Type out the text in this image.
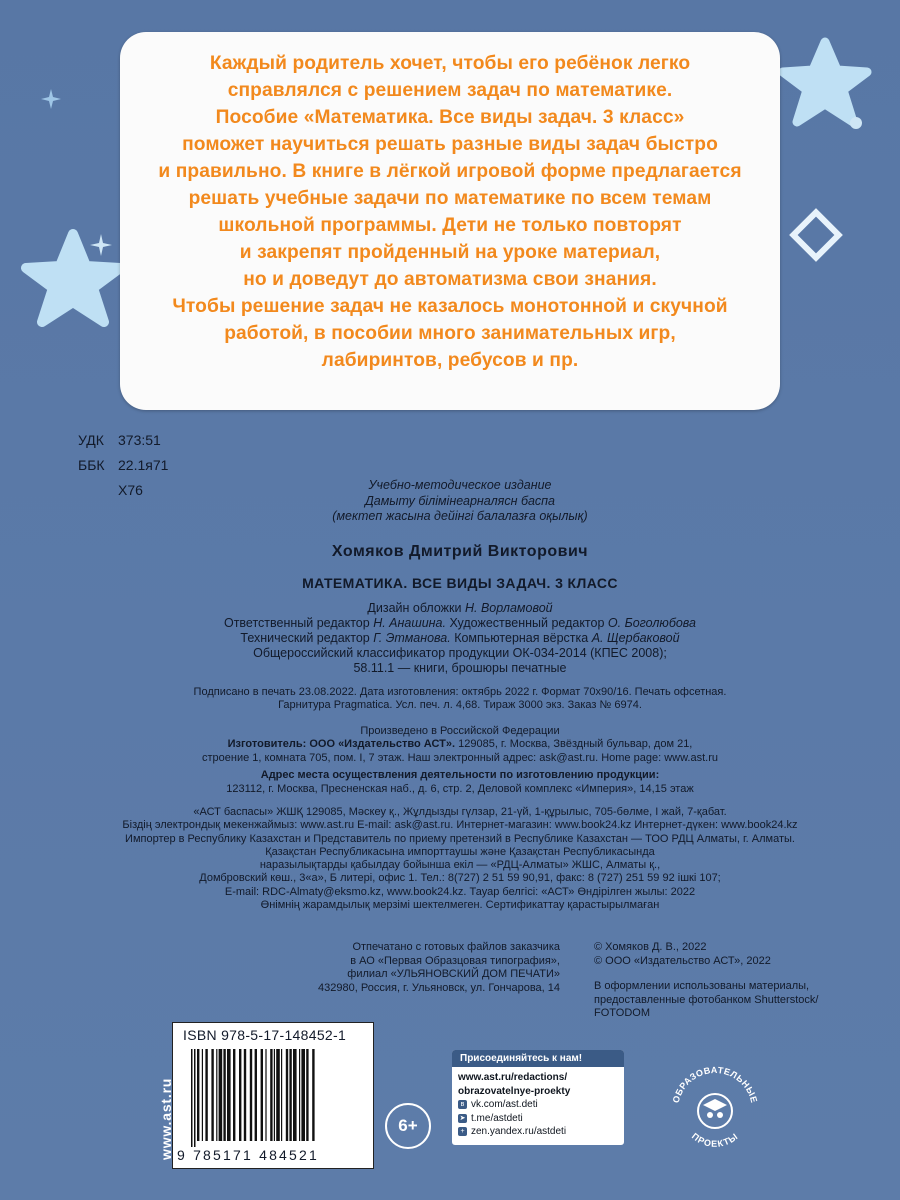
Каждый родитель хочет, чтобы его ребёнок легко
справлялся с решением задач по математике.
Пособие «Математика. Все виды задач. 3 класс»
поможет научиться решать разные виды задач быстро
и правильно. В книге в лёгкой игровой форме предлагается
решать учебные задачи по математике по всем темам
школьной программы. Дети не только повторят
и закрепят пройденный на уроке материал,
но и доведут до автоматизма свои знания.
Чтобы решение задач не казалось монотонной и скучной
работой, в пособии много занимательных игр,
лабиринтов, ребусов и пр.
УДК	373:51
ББК 22.1я71
Х76	Учебно-методическое издание
Дамыту білімінеарналясн баспа
(мектеп жасына дейінгі балалазға оқылық)
Хомяков Дмитрий Викторович
МАТЕМАТИКА. ВСЕ ВИДЫ ЗАДАЧ. 3 КЛАСС
Дизайн обложки Н. Ворламовой
Ответственный редактор Н. Анашина. Художественный редактор О. Боголюбова
Технический редактор Г. Этманова. Компьютерная вёрстка А. Щербаковой
Общероссийский классификатор продукции ОК-034-2014 (КПЕС 2008);
58.11.1 — книги, брошюры печатные
Подписано в печать 23.08.2022. Дата изготовления: октябрь 2022 г. Формат 70х90/16. Печать офсетная.
Гарнитура Pragmatica. Усл. печ. л. 4,68. Тираж 3000 экз. Заказ № 6974.
Произведено в Российской Федерации
Изготовитель: ООО «Издательство АСТ». 129085, г. Москва, Звёздный бульвар, дом 21,
строение 1, комната 705, пом. I, 7 этаж. Наш электронный адрес: ask@ast.ru. Home page: www.ast.ru
Адрес места осуществления деятельности по изготовлению продукции:
123112, г. Москва, Пресненская наб., д. 6, стр. 2, Деловой комплекс «Империя», 14,15 этаж
«АСТ баспасы» ЖШҚ 129085, Мәскеу қ., Жұлдызды гүлзар, 21-үй, 1-құрылыс, 705-бөлме, I жай, 7-қабат.
Біздің электрондық мекенжаймыз: www.ast.ru E-mail: ask@ast.ru. Интернет-магазин: www.book24.kz Интернет-дүкен: www.book24.kz
Импортер в Республику Казахстан и Представитель по приему претензий в Республике Казахстан — ТОО РДЦ Алматы, г. Алматы.
Қазақстан Республикасына импорттаушы және Қазақстан Республикасында
наразылықтарды қабылдау бойынша екіл — «РДЦ-Алматы» ЖШС, Алматы қ.,
Домбровский көш., 3«а», Б литері, офис 1. Тел.: 8(727) 2 51 59 90,91, факс: 8 (727) 251 59 92 ішкі 107;
E-mail: RDC-Almaty@eksmo.kz, www.book24.kz. Тауар белгісі: «АСТ» Өндірілген жылы: 2022
Өнімнің жарамдылық мерзімі шектелмеген. Сертификаттау қарастырылмаған
Отпечатано с готовых файлов заказчика
в АО «Первая Образцовая типография»,
филиал «УЛЬЯНОВСКИЙ ДОМ ПЕЧАТИ»
432980, Россия, г. Ульяновск, ул. Гончарова, 14
© Хомяков Д. В., 2022
© ООО «Издательство АСТ», 2022
В оформлении использованы материалы,
предоставленные фотобанком Shutterstock/
FOTODOM
ISBN 978-5-17-148452-1
9 785171 484521
6+
Присоединяйтесь к нам!
www.ast.ru/redactions/
obrazovatelnye-proekty
в vk.com/ast.deti
➤ t.me/astdeti
+ zen.yandex.ru/astdeti
www.ast.ru	ОБРАЗОВАТЕЛЬНЫЕ
ПРОЕКТЫ
